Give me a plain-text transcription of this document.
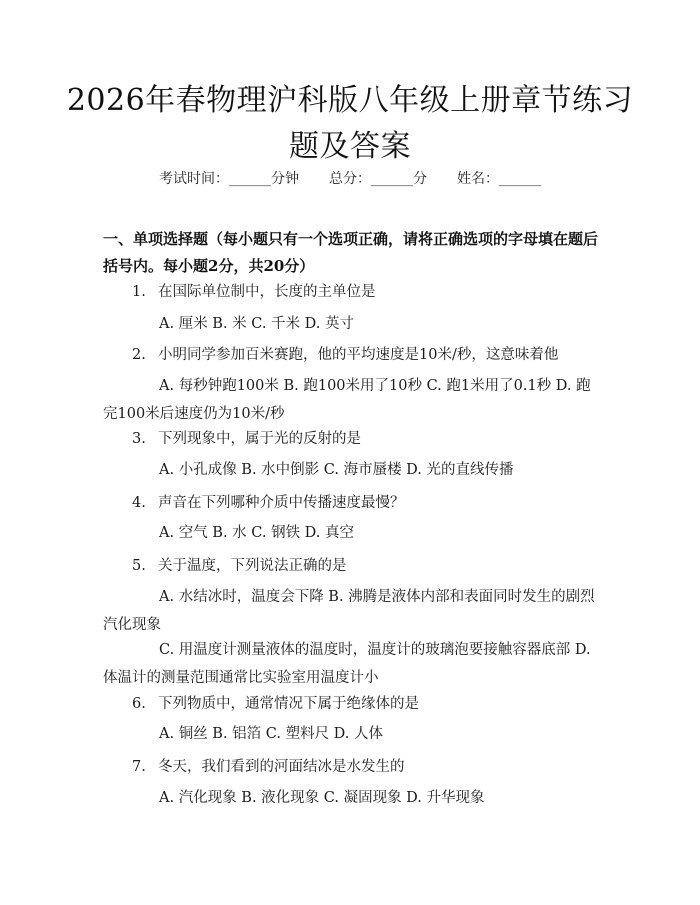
2026年春物理沪科版八年级上册章节练习题及答案
考试时间：______分钟 总分：______分 姓名：______
一、单项选择题（每小题只有一个选项正确，请将正确选项的字母填在题后括号内。每小题2分，共20分）
1. 在国际单位制中，长度的主单位是
A. 厘米 B. 米 C. 千米 D. 英寸
2. 小明同学参加百米赛跑，他的平均速度是10米/秒，这意味着他
A. 每秒钟跑100米 B. 跑100米用了10秒 C. 跑1米用了0.1秒 D. 跑完100米后速度仍为10米/秒
3. 下列现象中，属于光的反射的是
A. 小孔成像 B. 水中倒影 C. 海市蜃楼 D. 光的直线传播
4. 声音在下列哪种介质中传播速度最慢？
A. 空气 B. 水 C. 钢铁 D. 真空
5. 关于温度，下列说法正确的是
A. 水结冰时，温度会下降 B. 沸腾是液体内部和表面同时发生的剧烈汽化现象
C. 用温度计测量液体的温度时，温度计的玻璃泡要接触容器底部 D. 体温计的测量范围通常比实验室用温度计小
6. 下列物质中，通常情况下属于绝缘体的是
A. 铜丝 B. 铝箔 C. 塑料尺 D. 人体
7. 冬天，我们看到的河面结冰是水发生的
A. 汽化现象 B. 液化现象 C. 凝固现象 D. 升华现象
